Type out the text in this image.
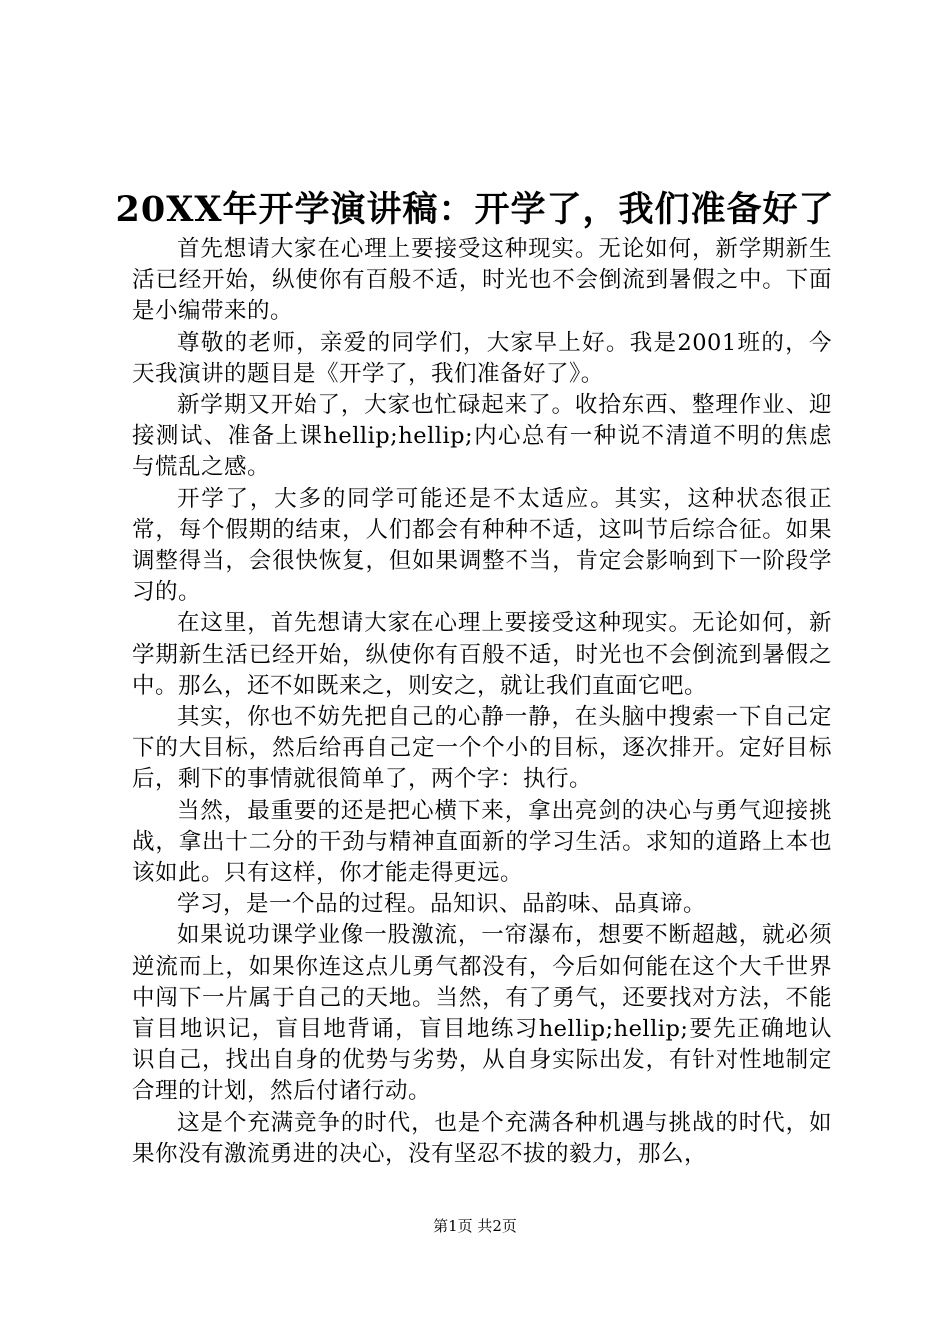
20XX年开学演讲稿：开学了，我们准备好了

首先想请大家在心理上要接受这种现实。无论如何，新学期新生活已经开始，纵使你有百般不适，时光也不会倒流到暑假之中。下面是小编带来的。

尊敬的老师，亲爱的同学们，大家早上好。我是2001班的，今天我演讲的题目是《开学了，我们准备好了》。

新学期又开始了，大家也忙碌起来了。收拾东西、整理作业、迎接测试、准备上课hellip;hellip;内心总有一种说不清道不明的焦虑与慌乱之感。

开学了，大多的同学可能还是不太适应。其实，这种状态很正常，每个假期的结束，人们都会有种种不适，这叫节后综合征。如果调整得当，会很快恢复，但如果调整不当，肯定会影响到下一阶段学习的。

在这里，首先想请大家在心理上要接受这种现实。无论如何，新学期新生活已经开始，纵使你有百般不适，时光也不会倒流到暑假之中。那么，还不如既来之，则安之，就让我们直面它吧。

其实，你也不妨先把自己的心静一静，在头脑中搜索一下自己定下的大目标，然后给再自己定一个个小的目标，逐次排开。定好目标后，剩下的事情就很简单了，两个字：执行。

当然，最重要的还是把心横下来，拿出亮剑的决心与勇气迎接挑战，拿出十二分的干劲与精神直面新的学习生活。求知的道路上本也该如此。只有这样，你才能走得更远。

学习，是一个品的过程。品知识、品韵味、品真谛。

如果说功课学业像一股激流，一帘瀑布，想要不断超越，就必须逆流而上，如果你连这点儿勇气都没有，今后如何能在这个大千世界中闯下一片属于自己的天地。当然，有了勇气，还要找对方法，不能盲目地识记，盲目地背诵，盲目地练习hellip;hellip;要先正确地认识自己，找出自身的优势与劣势，从自身实际出发，有针对性地制定合理的计划，然后付诸行动。

这是个充满竞争的时代，也是个充满各种机遇与挑战的时代，如果你没有激流勇进的决心，没有坚忍不拔的毅力，那么，

第1页 共2页
